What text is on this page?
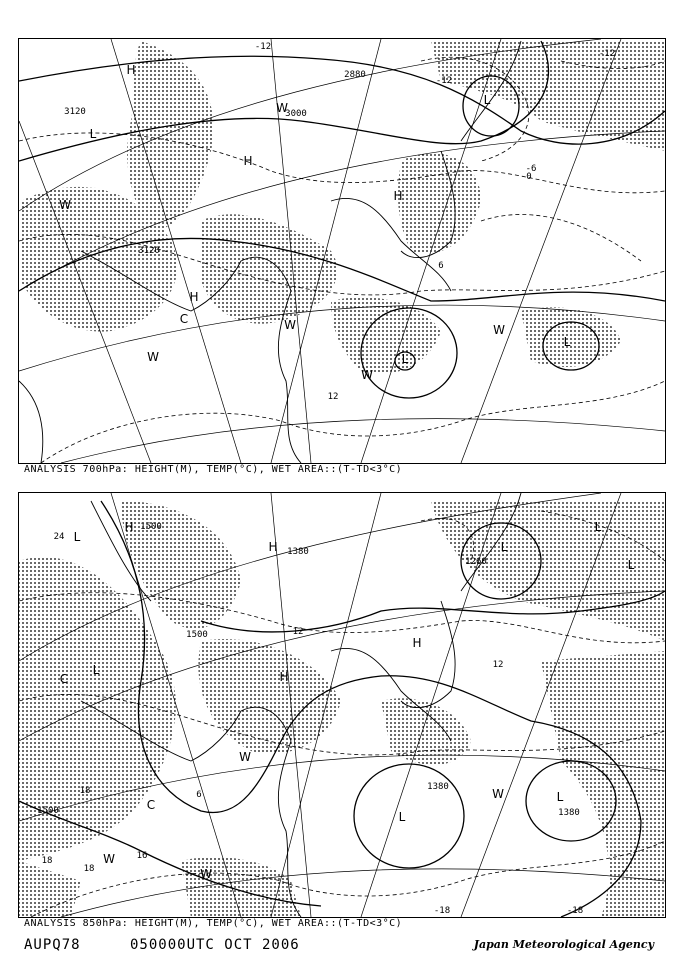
L
H
W
H
W
L
H
L
L
W
W
W
H
C	W
-12
-12
-12
2880
3000
3120
3120
-6
0
12
6
ANALYSIS 700hPa: HEIGHT(M), TEMP(°C), WET AREA::(T-TD<3°C)
L
H
L
C
H	L
L
L
H
H
W
W
L
L
W
W
C
1500
24
1500
1380
1260
12
12
1380
1380
18
1500
18
18
16
-18	-18
6
ANALYSIS 850hPa: HEIGHT(M), TEMP(°C), WET AREA::(T-TD<3°C)
AUPQ78	050000UTC OCT 2006	Japan Meteorological Agency
